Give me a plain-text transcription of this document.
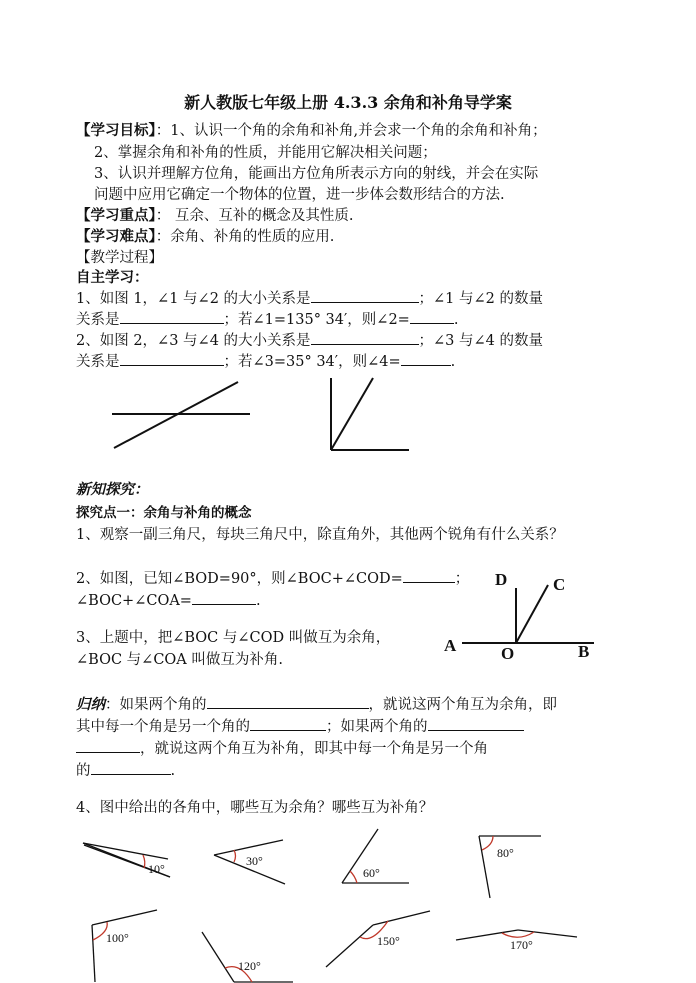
新人教版七年级上册 4.3.3 余角和补角导学案
【学习目标】：1、认识一个角的余角和补角,并会求一个角的余角和补角；
2、掌握余角和补角的性质，并能用它解决相关问题；
3、认识并理解方位角，能画出方位角所表示方向的射线，并会在实际
问题中应用它确定一个物体的位置，进一步体会数形结合的方法.
【学习重点】： 互余、互补的概念及其性质.
【学习难点】：余角、补角的性质的应用.
【教学过程】
自主学习：
1、如图 1，∠1 与∠2 的大小关系是	；∠1 与∠2 的数量
关系是	；若∠1=135° 34′，则∠2=	.
2、如图 2，∠3 与∠4 的大小关系是	；∠3 与∠4 的数量
关系是	；若∠3=35° 34′，则∠4=	.
新知探究：
探究点一：余角与补角的概念
1、观察一副三角尺，每块三角尺中，除直角外，其他两个锐角有什么关系？
2、如图，已知∠BOD=90°，则∠BOC+∠COD=	；
∠BOC+∠COA=	.
3、上题中，把∠BOC 与∠COD 叫做互为余角，
∠BOC 与∠COA 叫做互为补角.
A	B
C
D
O
归纳：如果两个角的	，就说这两个角互为余角，即
其中每一个角是另一个角的	；如果两个角的
，就说这两个角互为补角，即其中每一个角是另一个角
的	.
4、图中给出的各角中，哪些互为余角？哪些互为补角？
10°
30°
60°
80°
100°
120°
150°	170°
